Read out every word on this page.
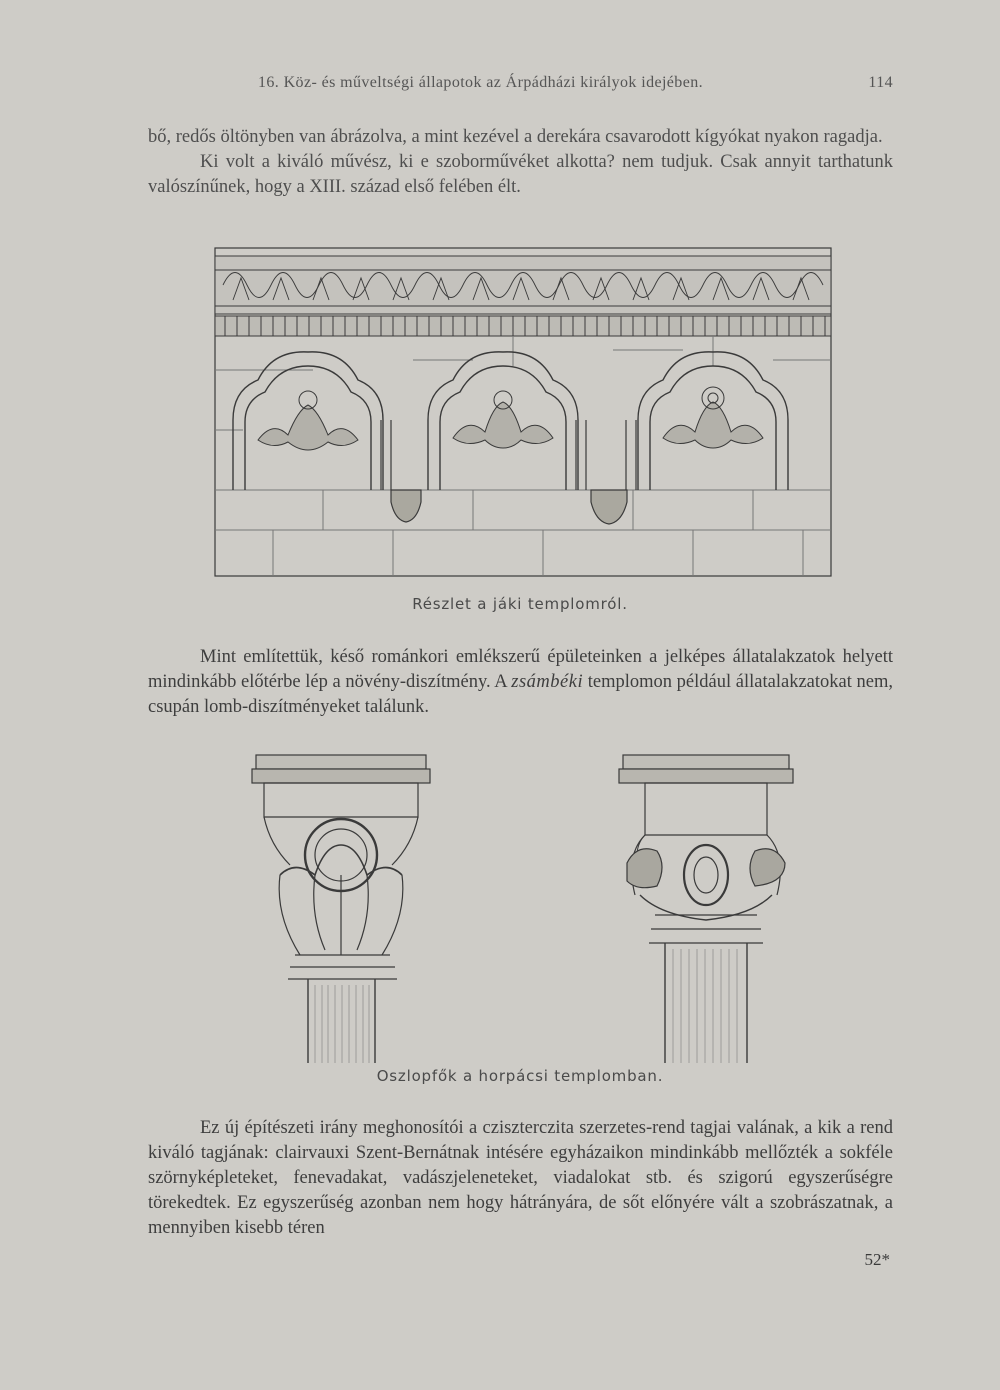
16. Köz- és műveltségi állapotok az Árpádházi királyok idejében.	114

bő, redős öltönyben van ábrázolva, a mint kezével a derekára csavarodott kígyókat nyakon ragadja.

Ki volt a kiváló művész, ki e szoborművéket alkotta? nem tudjuk. Csak annyit tarthatunk valószínűnek, hogy a XIII. század első felében élt.

Részlet a jáki templomról.

Mint említettük, késő románkori emlékszerű épületeinken a jelképes állatalakzatok helyett mindinkább előtérbe lép a növény-diszítmény. A zsámbéki templomon például állatalakzatokat nem, csupán lomb-diszítményeket találunk.

Oszlopfők a horpácsi templomban.

Ez új építészeti irány meghonosítói a cziszterczita szerzetes-rend tagjai valának, a kik a rend kiváló tagjának: clairvauxi Szent-Bernátnak intésére egyházaikon mindinkább mellőzték a sokféle szörnyképleteket, fenevadakat, vadászjeleneteket, viadalokat stb. és szigorú egyszerűségre törekedtek. Ez egyszerűség azonban nem hogy hátrányára, de sőt előnyére vált a szobrászatnak, a mennyiben kisebb téren

52*
